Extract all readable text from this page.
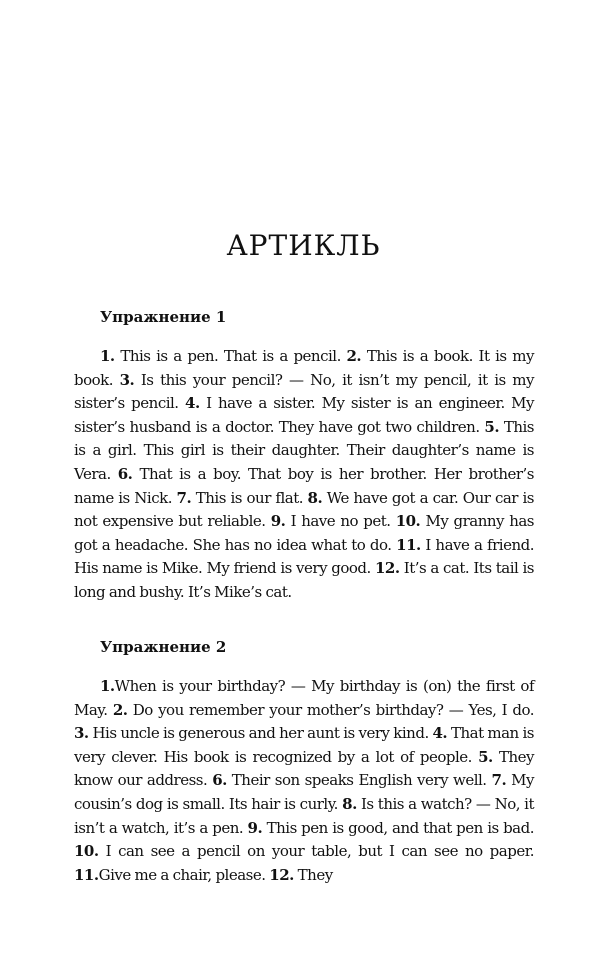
АРТИКЛЬ
Упражнение 1

1. This is a pen. That is a pencil. 2. This is a book. It is my book. 3. Is this your pencil? — No, it isn’t my pencil, it is my sister’s pencil. 4. I have a sister. My sister is an engineer. My sister’s husband is a doctor. They have got two children. 5. This is a girl. This girl is their daughter. Their daughter’s name is Vera. 6. That is a boy. That boy is her brother. Her brother’s name is Nick. 7. This is our flat. 8. We have got a car. Our car is not expensive but reliable. 9. I have no pet. 10. My granny has got a headache. She has no idea what to do. 11. I have a friend. His name is Mike. My friend is very good. 12. It’s a cat. Its tail is long and bushy. It’s Mike’s cat.

Упражнение 2

1.When is your birthday? — My birthday is (on) the first of May. 2. Do you remember your mother’s birthday? — Yes, I do. 3. His uncle is generous and her aunt is very kind. 4. That man is very clever. His book is recognized by a lot of people. 5. They know our address. 6. Their son speaks English very well. 7. My cousin’s dog is small. Its hair is curly. 8. Is this a watch? — No, it isn’t a watch, it’s a pen. 9. This pen is good, and that pen is bad. 10. I can see a pencil on your table, but I can see no paper. 11.Give me a chair, please. 12. They
